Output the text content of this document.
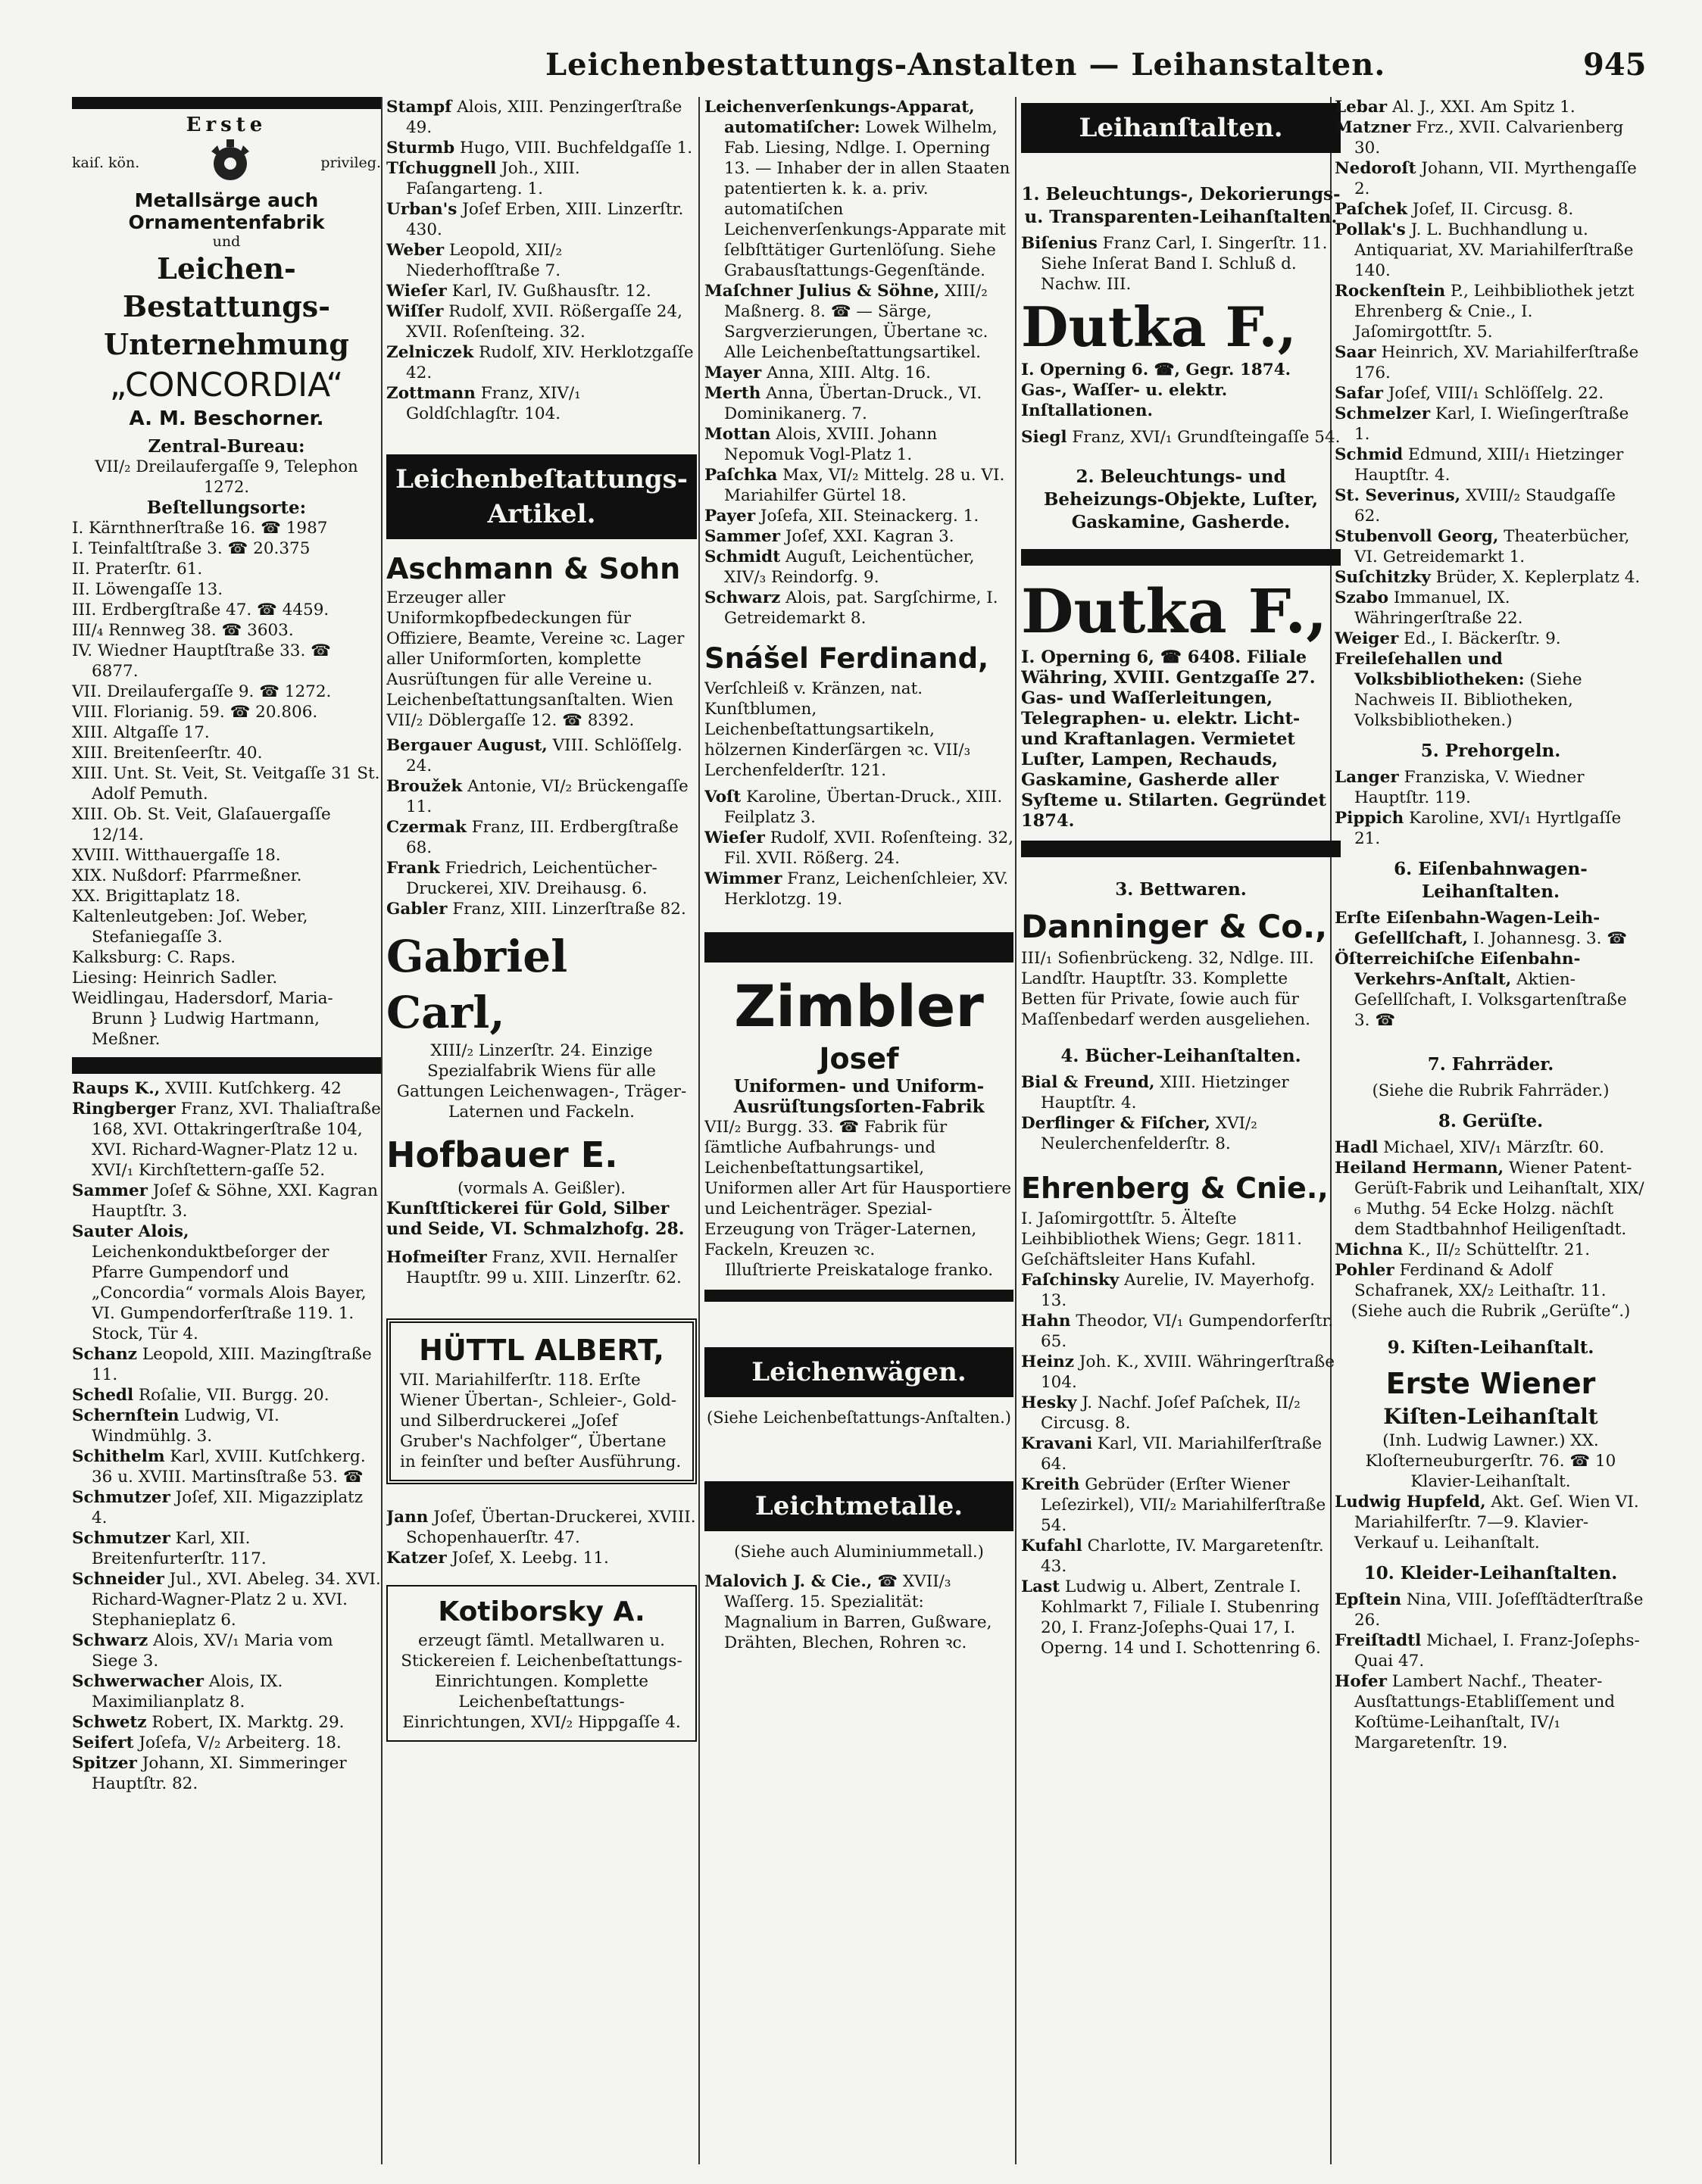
Leichenbestattungs-Anstalten — Leihanstalten.	945
Erste
kaiſ. kön.	privileg.
Metallsärge auch Ornamentenfabrik
und
Leichen-Bestattungs-
Unternehmung
„CONCORDIA“
A. M. Beschorner.
Zentral-Bureau:
VII/₂ Dreilaufergaſſe 9, Telephon 1272.
Beſtellungsorte:

I. Kärnthnerſtraße 16. ☎ 1987

I. Teinfaltſtraße 3. ☎ 20.375

II. Praterſtr. 61.

II. Löwengaſſe 13.

III. Erdbergſtraße 47. ☎ 4459.

III/₄ Rennweg 38. ☎ 3603.

IV. Wiedner Hauptſtraße 33. ☎ 6877.

VII. Dreilaufergaſſe 9. ☎ 1272.

VIII. Florianig. 59. ☎ 20.806.

XIII. Altgaſſe 17.

XIII. Breitenſeerſtr. 40.

XIII. Unt. St. Veit, St. Veitgaſſe 31 St. Adolf Pemuth.

XIII. Ob. St. Veit, Glaſauergaſſe 12/14.

XVIII. Witthauergaſſe 18.

XIX. Nußdorf: Pfarrmeßner.

XX. Brigittaplatz 18.

Kaltenleutgeben: Joſ. Weber, Stefaniegaſſe 3.

Kalksburg: C. Raps.

Liesing: Heinrich Sadler.

Weidlingau, Hadersdorf, Maria-Brunn } Ludwig Hartmann, Meßner.

Raups K., XVIII. Kutſchkerg. 42

Ringberger Franz, XVI. Thaliaſtraße 168, XVI. Ottakringerſtraße 104, XVI. Richard-Wagner-Platz 12 u. XVI/₁ Kirchſtettern-gaſſe 52.

Sammer Joſef & Söhne, XXI. Kagran Hauptſtr. 3.

Sauter Alois, Leichenkonduktbeſorger der Pfarre Gumpendorf und „Concordia“ vormals Alois Bayer, VI. Gumpendorferſtraße 119. 1. Stock, Tür 4.

Schanz Leopold, XIII. Mazingſtraße 11.

Schedl Roſalie, VII. Burgg. 20.

Schernſtein Ludwig, VI. Windmühlg. 3.

Schithelm Karl, XVIII. Kutſchkerg. 36 u. XVIII. Martinsſtraße 53. ☎

Schmutzer Joſef, XII. Migazziplatz 4.

Schmutzer Karl, XII. Breitenfurterſtr. 117.

Schneider Jul., XVI. Abeleg. 34. XVI. Richard-Wagner-Platz 2 u. XVI. Stephanieplatz 6.

Schwarz Alois, XV/₁ Maria vom Siege 3.

Schwerwacher Alois, IX. Maximilianplatz 8.

Schwetz Robert, IX. Marktg. 29.

Seifert Joſefa, V/₂ Arbeiterg. 18.

Spitzer Johann, XI. Simmeringer Hauptſtr. 82.

Stampf Alois, XIII. Penzingerſtraße 49.

Sturmb Hugo, VIII. Buchfeldgaſſe 1.

Tſchuggnell Joh., XIII. Faſangarteng. 1.

Urban's Joſef Erben, XIII. Linzerſtr. 430.

Weber Leopold, XII/₂ Niederhofſtraße 7.

Wieſer Karl, IV. Gußhausſtr. 12.

Wiſſer Rudolf, XVII. Rößergaſſe 24, XVII. Roſenſteing. 32.

Zelniczek Rudolf, XIV. Herklotzgaſſe 42.

Zottmann Franz, XIV/₁ Goldſchlagſtr. 104.

Leichenbeſtattungs-Artikel.
Aschmann & Sohn

Erzeuger aller Uniformkopfbedeckungen für Offiziere, Beamte, Vereine ꝛc. Lager aller Uniformſorten, komplette Ausrüſtungen für alle Vereine u. Leichenbeſtattungsanſtalten. Wien VII/₂ Döblergaſſe 12. ☎ 8392.

Bergauer August, VIII. Schlöſſelg. 24.

Broužek Antonie, VI/₂ Brückengaſſe 11.

Czermak Franz, III. Erdbergſtraße 68.

Frank Friedrich, Leichentücher-Druckerei, XIV. Dreihausg. 6.

Gabler Franz, XIII. Linzerſtraße 82.

Gabriel Carl,

XIII/₂ Linzerſtr. 24. Einzige Spezialfabrik Wiens für alle Gattungen Leichenwagen-, Träger-Laternen und Fackeln.

Hofbauer E.
(vormals A. Geißler).

Kunſtſtickerei für Gold, Silber und Seide, VI. Schmalzhofg. 28.

Hofmeiſter Franz, XVII. Hernalſer Hauptſtr. 99 u. XIII. Linzerſtr. 62.

HÜTTL ALBERT,

VII. Mariahilferſtr. 118. Erſte Wiener Übertan-, Schleier-, Gold- und Silberdruckerei „Joſef Gruber's Nachfolger“, Übertane in feinſter und beſter Ausführung.

Jann Joſef, Übertan-Druckerei, XVIII. Schopenhauerſtr. 47.

Katzer Joſef, X. Leebg. 11.

Kotiborsky A.

erzeugt ſämtl. Metallwaren u. Stickereien f. Leichenbeſtattungs-Einrichtungen. Komplette Leichenbeſtattungs-Einrichtungen, XVI/₂ Hippgaſſe 4.

Leichenverſenkungs-Apparat, automatiſcher: Lowek Wilhelm, Fab. Liesing, Ndlge. I. Operning 13. — Inhaber der in allen Staaten patentierten k. k. a. priv. automatiſchen Leichenverſenkungs-Apparate mit ſelbſttätiger Gurtenlöſung. Siehe Grabausſtattungs-Gegenſtände.

Maſchner Julius & Söhne, XIII/₂ Maßnerg. 8. ☎ — Särge, Sargverzierungen, Übertane ꝛc. Alle Leichenbeſtattungsartikel.

Mayer Anna, XIII. Altg. 16.

Merth Anna, Übertan-Druck., VI. Dominikanerg. 7.

Mottan Alois, XVIII. Johann Nepomuk Vogl-Platz 1.

Paſchka Max, VI/₂ Mittelg. 28 u. VI. Mariahilfer Gürtel 18.

Payer Joſefa, XII. Steinackerg. 1.

Sammer Joſef, XXI. Kagran 3.

Schmidt Auguſt, Leichentücher, XIV/₃ Reindorfg. 9.

Schwarz Alois, pat. Sargſchirme, I. Getreidemarkt 8.

Snášel Ferdinand,

Verſchleiß v. Kränzen, nat. Kunſtblumen, Leichenbeſtattungsartikeln, hölzernen Kinderſärgen ꝛc. VII/₃ Lerchenfelderſtr. 121.

Voſt Karoline, Übertan-Druck., XIII. Feilplatz 3.

Wieſer Rudolf, XVII. Roſenſteing. 32, Fil. XVII. Rößerg. 24.

Wimmer Franz, Leichenſchleier, XV. Herklotzg. 19.

Zimbler
Josef

Uniformen- und Uniform-Ausrüſtungsſorten-Fabrik

VII/₂ Burgg. 33. ☎ Fabrik für ſämtliche Aufbahrungs- und Leichenbeſtattungsartikel, Uniformen aller Art für Hausportiere und Leichenträger. Spezial-Erzeugung von Träger-Laternen, Fackeln, Kreuzen ꝛc.

Illuſtrierte Preiskataloge franko.

Leichenwägen.
(Siehe Leichenbeſtattungs-Anſtalten.)
Leichtmetalle.
(Siehe auch Aluminiummetall.)

Malovich J. & Cie., ☎ XVII/₃ Waſſerg. 15. Spezialität: Magnalium in Barren, Gußware, Drähten, Blechen, Rohren ꝛc.

Leihanſtalten.
1. Beleuchtungs-, Dekorierungs- u. Transparenten-Leihanſtalten.

Biſenius Franz Carl, I. Singerſtr. 11. Siehe Inſerat Band I. Schluß d. Nachw. III.

Dutka F.,

I. Operning 6. ☎, Gegr. 1874. Gas-, Waſſer- u. elektr. Inſtallationen.

Siegl Franz, XVI/₁ Grundſteingaſſe 54.

2. Beleuchtungs- und Beheizungs-Objekte, Luſter, Gaskamine, Gasherde.
Dutka F.,

I. Operning 6, ☎ 6408. Filiale Währing, XVIII. Gentzgaſſe 27. Gas- und Waſſerleitungen, Telegraphen- u. elektr. Licht- und Kraftanlagen. Vermietet Luſter, Lampen, Rechauds, Gaskamine, Gasherde aller Syſteme u. Stilarten. Gegründet 1874.

3. Bettwaren.
Danninger & Co.,

III/₁ Sofienbrückeng. 32, Ndlge. III. Landſtr. Hauptſtr. 33. Komplette Betten für Private, ſowie auch für Maſſenbedarf werden ausgeliehen.

4. Bücher-Leihanſtalten.

Bial & Freund, XIII. Hietzinger Hauptſtr. 4.

Derflinger & Fiſcher, XVI/₂ Neulerchenfelderſtr. 8.

Ehrenberg & Cnie.,

I. Jaſomirgottſtr. 5. Älteſte Leihbibliothek Wiens; Gegr. 1811. Geſchäftsleiter Hans Kufahl.

Faſchinsky Aurelie, IV. Mayerhofg. 13.

Hahn Theodor, VI/₁ Gumpendorferſtr. 65.

Heinz Joh. K., XVIII. Währingerſtraße 104.

Hesky J. Nachf. Joſef Paſchek, II/₂ Circusg. 8.

Kravani Karl, VII. Mariahilferſtraße 64.

Kreith Gebrüder (Erſter Wiener Leſezirkel), VII/₂ Mariahilferſtraße 54.

Kufahl Charlotte, IV. Margaretenſtr. 43.

Last Ludwig u. Albert, Zentrale I. Kohlmarkt 7, Filiale I. Stubenring 20, I. Franz-Joſephs-Quai 17, I. Operng. 14 und I. Schottenring 6.

Lebar Al. J., XXI. Am Spitz 1.

Matzner Frz., XVII. Calvarienberg 30.

Nedoroſt Johann, VII. Myrthengaſſe 2.

Paſchek Joſef, II. Circusg. 8.

Pollak's J. L. Buchhandlung u. Antiquariat, XV. Mariahilferſtraße 140.

Rockenſtein P., Leihbibliothek jetzt Ehrenberg & Cnie., I. Jaſomirgottſtr. 5.

Saar Heinrich, XV. Mariahilferſtraße 176.

Safar Joſef, VIII/₁ Schlöſſelg. 22.

Schmelzer Karl, I. Wieſingerſtraße 1.

Schmid Edmund, XIII/₁ Hietzinger Hauptſtr. 4.

St. Severinus, XVIII/₂ Staudgaſſe 62.

Stubenvoll Georg, Theaterbücher, VI. Getreidemarkt 1.

Suſchitzky Brüder, X. Keplerplatz 4.

Szabo Immanuel, IX. Währingerſtraße 22.

Weiger Ed., I. Bäckerſtr. 9.

Freileſehallen und Volksbibliotheken: (Siehe Nachweis II. Bibliotheken, Volksbibliotheken.)

5. Prehorgeln.

Langer Franziska, V. Wiedner Hauptſtr. 119.

Pippich Karoline, XVI/₁ Hyrtlgaſſe 21.

6. Eiſenbahnwagen-Leihanſtalten.

Erſte Eiſenbahn-Wagen-Leih-Geſellſchaft, I. Johannesg. 3. ☎

Öſterreichiſche Eiſenbahn-Verkehrs-Anſtalt, Aktien-Geſellſchaft, I. Volksgartenſtraße 3. ☎

7. Fahrräder.
(Siehe die Rubrik Fahrräder.)
8. Gerüſte.

Hadl Michael, XIV/₁ Märzſtr. 60.

Heiland Hermann, Wiener Patent-Gerüſt-Fabrik und Leihanſtalt, XIX/₆ Muthg. 54 Ecke Holzg. nächſt dem Stadtbahnhof Heiligenſtadt.

Michna K., II/₂ Schüttelſtr. 21.

Pohler Ferdinand & Adolf Schafranek, XX/₂ Leithaſtr. 11.

(Siehe auch die Rubrik „Gerüſte“.)
9. Kiſten-Leihanſtalt.
Erste Wiener
Kiſten-Leihanſtalt

(Inh. Ludwig Lawner.) XX. Kloſterneuburgerſtr. 76. ☎ 10 Klavier-Leihanſtalt.

Ludwig Hupfeld, Akt. Geſ. Wien VI. Mariahilferſtr. 7—9. Klavier-Verkauf u. Leihanſtalt.

10. Kleider-Leihanſtalten.

Epſtein Nina, VIII. Joſefſtädterſtraße 26.

Freiſtadtl Michael, I. Franz-Joſephs-Quai 47.

Hofer Lambert Nachf., Theater-Ausſtattungs-Etabliſſement und Koſtüme-Leihanſtalt, IV/₁ Margaretenſtr. 19.
